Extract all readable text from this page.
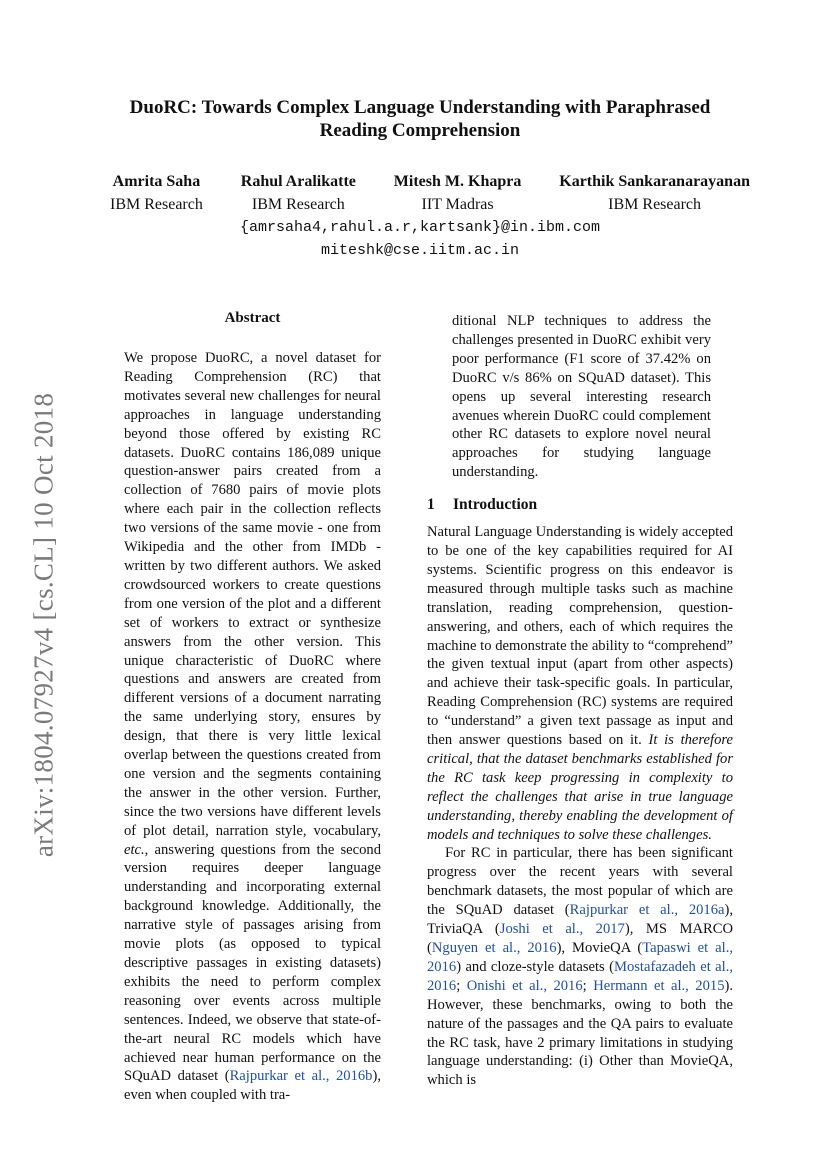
arXiv:1804.07927v4 [cs.CL] 10 Oct 2018
DuoRC: Towards Complex Language Understanding with Paraphrased
Reading Comprehension
Amrita Saha
IBM Research
Rahul Aralikatte
IBM Research
Mitesh M. Khapra
IIT Madras
Karthik Sankaranarayanan
IBM Research
{amrsaha4,rahul.a.r,kartsank}@in.ibm.com
miteshk@cse.iitm.ac.in
Abstract

We propose DuoRC, a novel dataset for Reading Comprehension (RC) that motivates several new challenges for neural approaches in language understanding beyond those offered by existing RC datasets. DuoRC contains 186,089 unique question-answer pairs created from a collection of 7680 pairs of movie plots where each pair in the collection reflects two versions of the same movie - one from Wikipedia and the other from IMDb - written by two different authors. We asked crowdsourced workers to create questions from one version of the plot and a different set of workers to extract or synthesize answers from the other version. This unique characteristic of DuoRC where questions and answers are created from different versions of a document narrating the same underlying story, ensures by design, that there is very little lexical overlap between the questions created from one version and the segments containing the answer in the other version. Further, since the two versions have different levels of plot detail, narration style, vocabulary, etc., answering questions from the second version requires deeper language understanding and incorporating external background knowledge. Additionally, the narrative style of passages arising from movie plots (as opposed to typical descriptive passages in existing datasets) exhibits the need to perform complex reasoning over events across multiple sentences. Indeed, we observe that state-of-the-art neural RC models which have achieved near human performance on the SQuAD dataset (Rajpurkar et al., 2016b), even when coupled with tra-

ditional NLP techniques to address the challenges presented in DuoRC exhibit very poor performance (F1 score of 37.42% on DuoRC v/s 86% on SQuAD dataset). This opens up several interesting research avenues wherein DuoRC could complement other RC datasets to explore novel neural approaches for studying language understanding.

1 Introduction

Natural Language Understanding is widely accepted to be one of the key capabilities required for AI systems. Scientific progress on this endeavor is measured through multiple tasks such as machine translation, reading comprehension, question-answering, and others, each of which requires the machine to demonstrate the ability to “comprehend” the given textual input (apart from other aspects) and achieve their task-specific goals. In particular, Reading Comprehension (RC) systems are required to “understand” a given text passage as input and then answer questions based on it. It is therefore critical, that the dataset benchmarks established for the RC task keep progressing in complexity to reflect the challenges that arise in true language understanding, thereby enabling the development of models and techniques to solve these challenges.

For RC in particular, there has been significant progress over the recent years with several benchmark datasets, the most popular of which are the SQuAD dataset (Rajpurkar et al., 2016a), TriviaQA (Joshi et al., 2017), MS MARCO (Nguyen et al., 2016), MovieQA (Tapaswi et al., 2016) and cloze-style datasets (Mostafazadeh et al., 2016; Onishi et al., 2016; Hermann et al., 2015). However, these benchmarks, owing to both the nature of the passages and the QA pairs to evaluate the RC task, have 2 primary limitations in studying language understanding: (i) Other than MovieQA, which is
